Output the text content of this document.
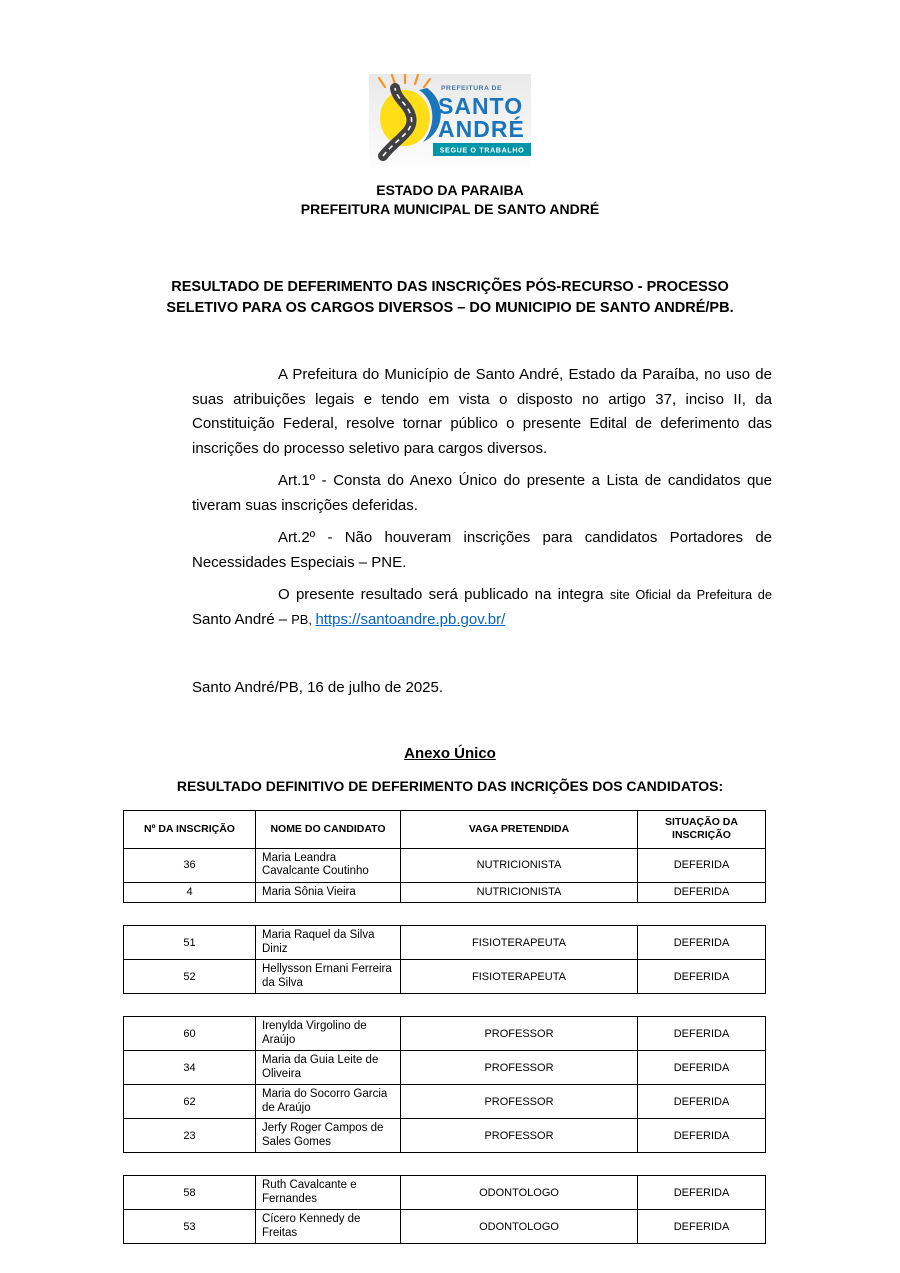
PREFEITURA DE
SANTO
ANDRÉ
SEGUE O TRABALHO
ESTADO DA PARAIBA
PREFEITURA MUNICIPAL DE SANTO ANDRÉ
RESULTADO DE DEFERIMENTO DAS INSCRIÇÕES PÓS-RECURSO - PROCESSO SELETIVO PARA OS CARGOS DIVERSOS – DO MUNICIPIO DE SANTO ANDRÉ/PB.

A Prefeitura do Município de Santo André, Estado da Paraíba, no uso de suas atribuições legais e tendo em vista o disposto no artigo 37, inciso II, da Constituição Federal, resolve tornar público o presente Edital de deferimento das inscrições do processo seletivo para cargos diversos.

Art.1º - Consta do Anexo Único do presente a Lista de candidatos que tiveram suas inscrições deferidas.

Art.2º - Não houveram inscrições para candidatos Portadores de Necessidades Especiais – PNE.

O presente resultado será publicado na integra site Oficial da Prefeitura de Santo André – PB, https://santoandre.pb.gov.br/

Santo André/PB, 16 de julho de 2025.
Anexo Único
RESULTADO DEFINITIVO DE DEFERIMENTO DAS INCRIÇÕES DOS CANDIDATOS:
Nº DA INSCRIÇÃO	NOME DO CANDIDATO	VAGA PRETENDIDA	SITUAÇÃO DA INSCRIÇÃO
36	Maria Leandra Cavalcante Coutinho	NUTRICIONISTA	DEFERIDA
4	Maria Sônia Vieira	NUTRICIONISTA	DEFERIDA
51	Maria Raquel da Silva Diniz	FISIOTERAPEUTA	DEFERIDA
52	Hellysson Ernani Ferreira da Silva	FISIOTERAPEUTA	DEFERIDA
60	Irenylda Virgolino de Araújo	PROFESSOR	DEFERIDA
34	Maria da Guia Leite de Oliveira	PROFESSOR	DEFERIDA
62	Maria do Socorro Garcia de Araújo	PROFESSOR	DEFERIDA
23	Jerfy Roger Campos de Sales Gomes	PROFESSOR	DEFERIDA
58	Ruth Cavalcante e Fernandes	ODONTOLOGO	DEFERIDA
53	Cícero Kennedy de Freitas	ODONTOLOGO	DEFERIDA
